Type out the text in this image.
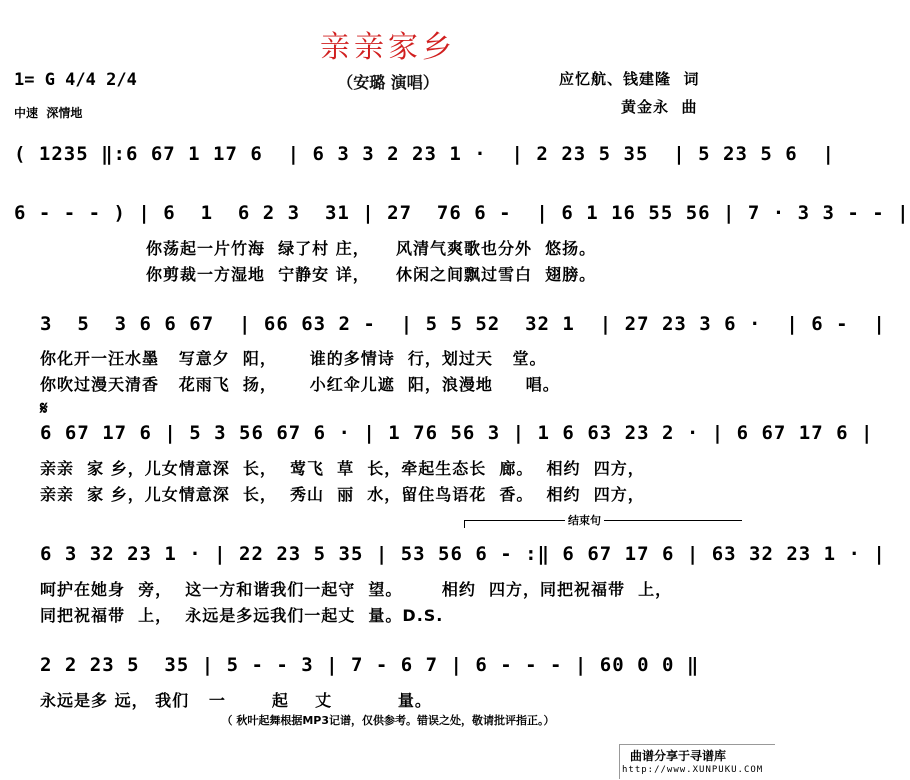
亲亲家乡
（安璐 演唱）	应忆航、钱建隆  词
黄金永  曲
1= G 4/4 2/4
中速  深情地
( 1235 ‖:6 67 1 17 6  | 6 3 3 2 23 1 ·  | 2 23 5 35  | 5 23 5 6  |
6 - - - ) | 6  1  6 2 3  31 | 27  76 6 -  | 6 1 16 55 56 | 7 · 3 3 - - |
你荡起一片竹海  绿了村 庄，    风清气爽歌也分外  悠扬。
你剪裁一方湿地  宁静安 详，    休闲之间飘过雪白  翅膀。
3  5  3 6 6 67  | 66 63 2 -  | 5 5 52  32 1  | 27 23 3 6 ·  | 6 -  |
你化开一汪水墨   写意夕  阳，     谁的多情诗  行，划过天   堂。
你吹过漫天清香   花雨飞  扬，     小红伞儿遮  阳，浪漫地     唱。
𝄋
6 67 17 6 | 5 3 56 67 6 · | 1 76 56 3 | 1 6 63 23 2 · | 6 67 17 6 |
亲亲  家 乡，儿女情意深  长，  莺飞  草  长，牵起生态长  廊。  相约  四方，
亲亲  家 乡，儿女情意深  长，  秀山  丽  水，留住鸟语花  香。  相约  四方，
结束句
6 3 32 23 1 · | 22 23 5 35 | 53 56 6 - :‖ 6 67 17 6 | 63 32 23 1 · |
呵护在她身  旁，  这一方和谐我们一起守  望。      相约  四方，同把祝福带  上，
同把祝福带  上，  永远是多远我们一起丈  量。D.S.
2 2 23 5  35 | 5 - - 3 | 7 - 6 7 | 6 - - - | 60 0 0 ‖
永远是多 远， 我们   一       起    丈          量。
（ 秋叶起舞根据MP3记谱，仅供参考。错误之处，敬请批评指正。）
曲谱分享于寻谱库
http://www.XUNPUKU.COM
